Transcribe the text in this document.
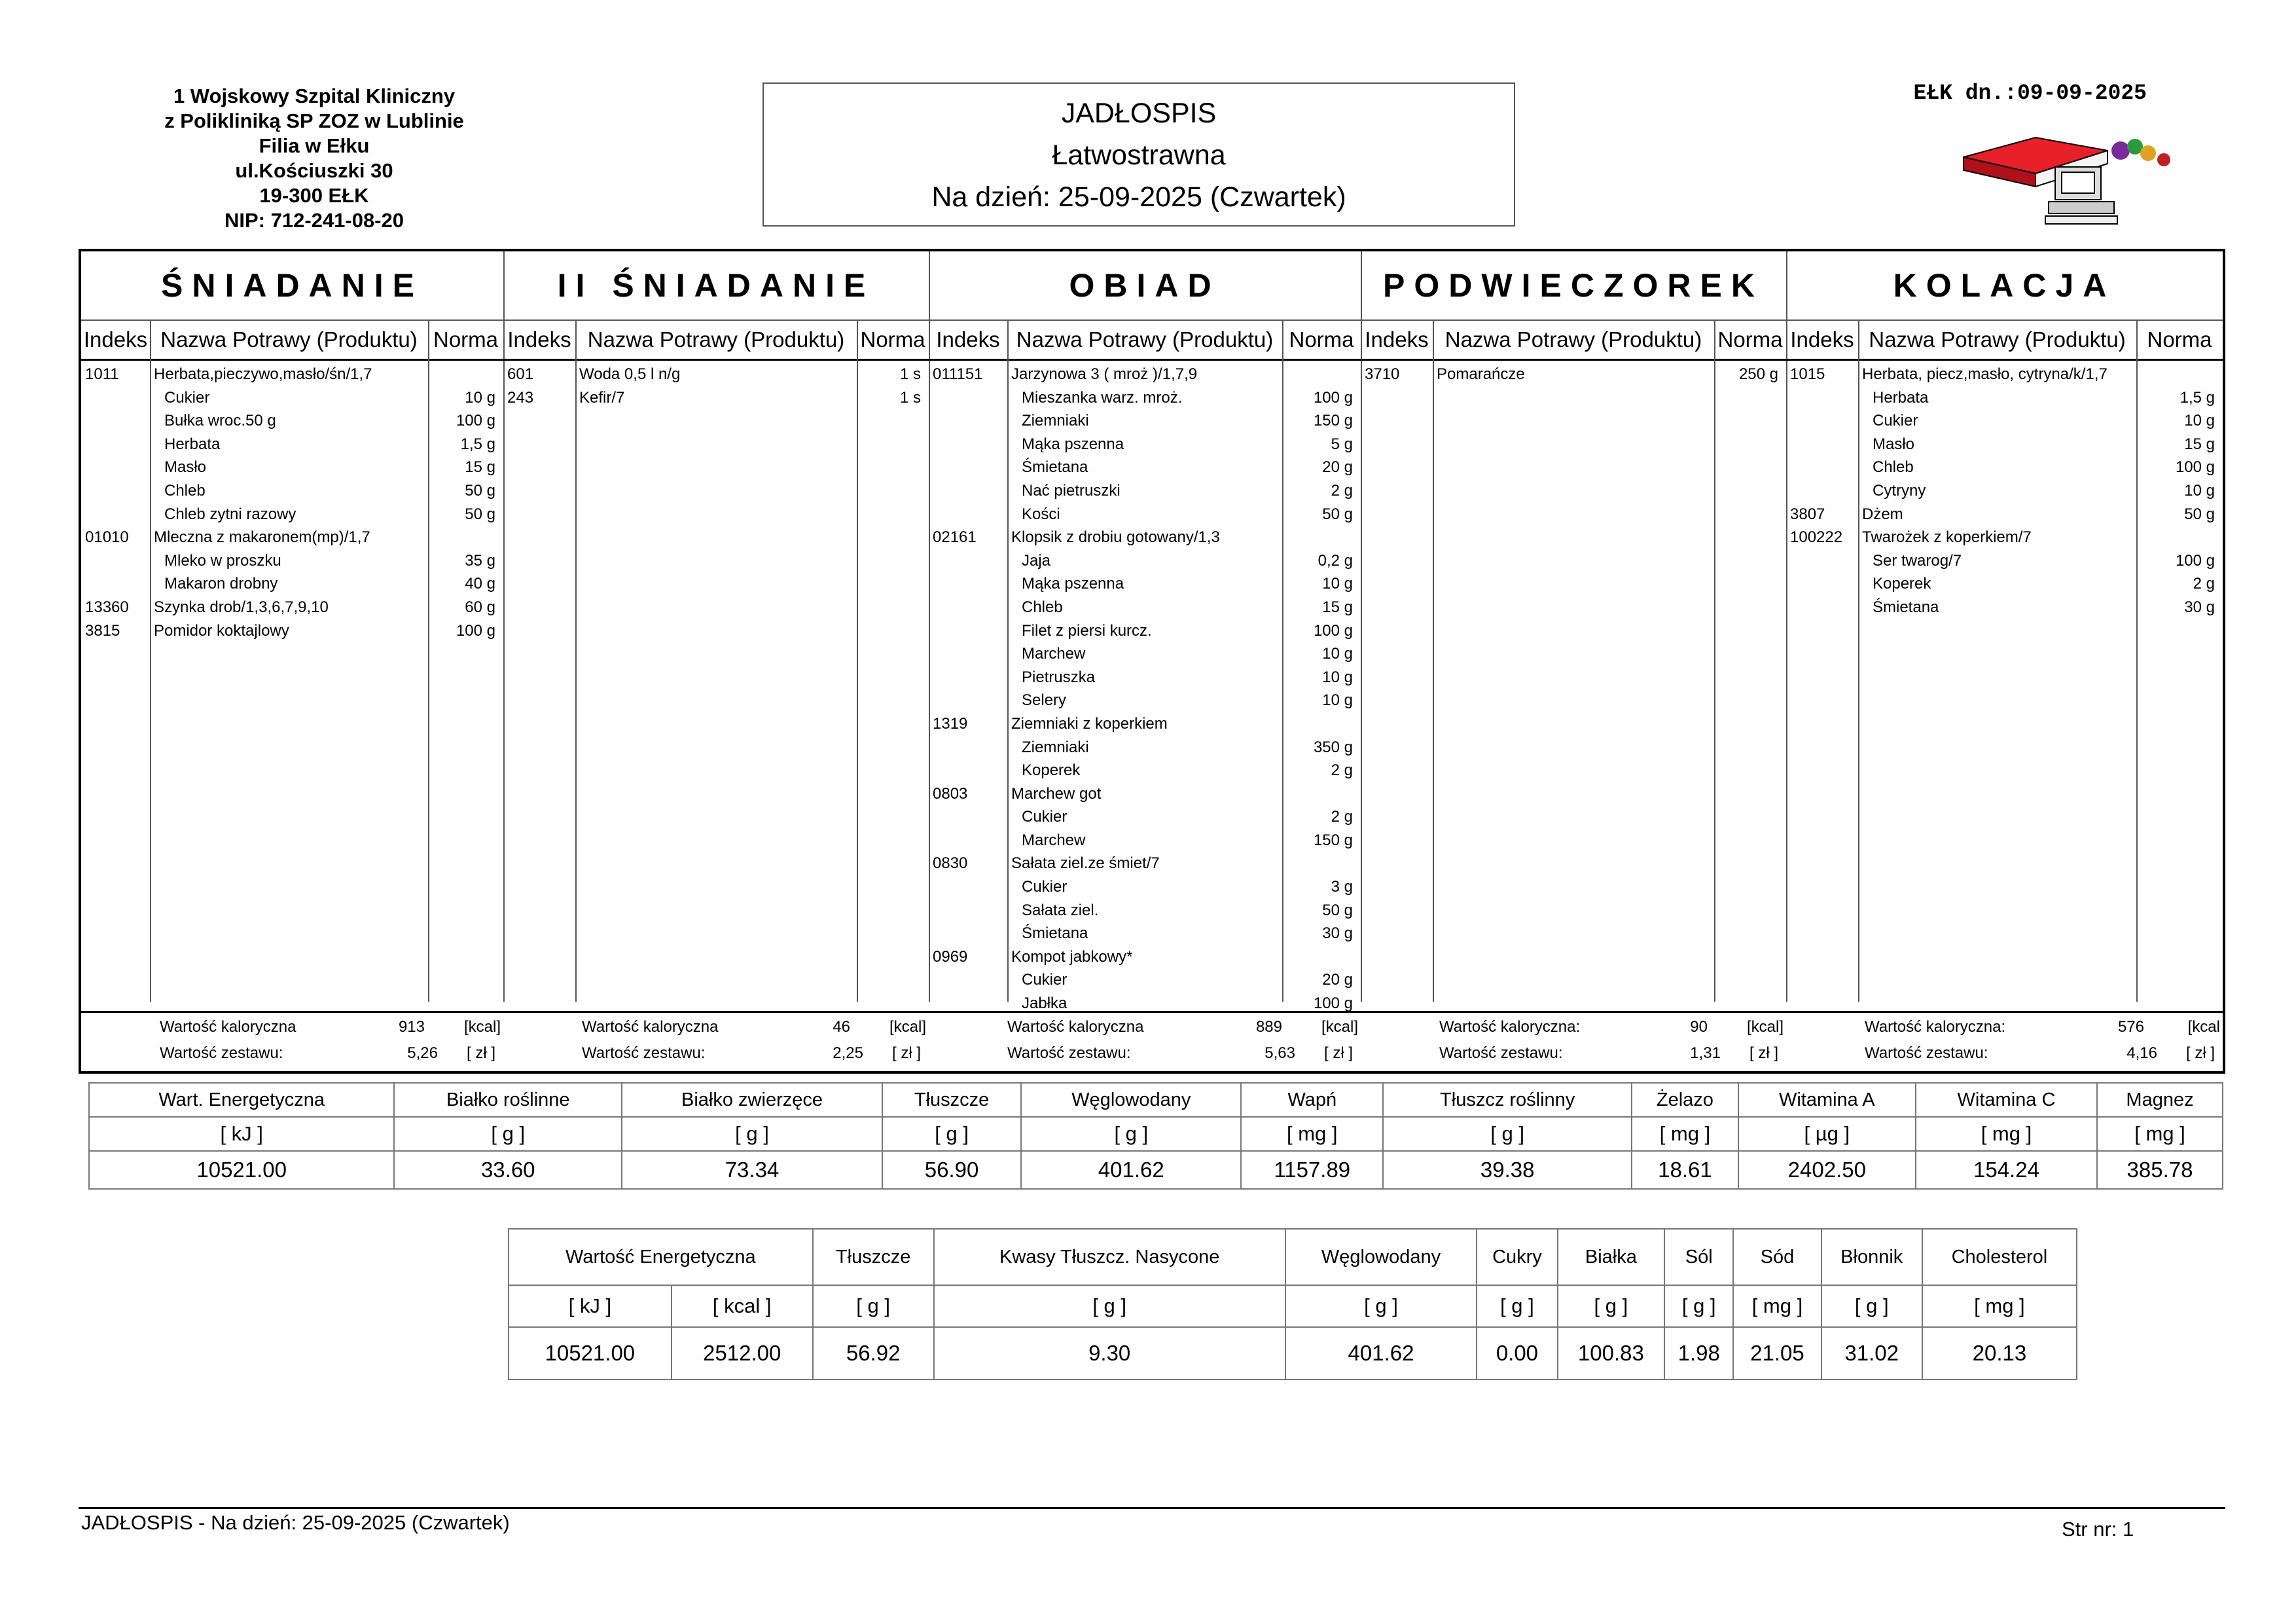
1 Wojskowy Szpital Kliniczny
z Polikliniką SP ZOZ w Lublinie
Filia w Ełku
ul.Kościuszki 30
19-300 EŁK
NIP: 712-241-08-20
JADŁOSPIS
Łatwostrawna
Na dzień: 25-09-2025 (Czwartek)
EŁK dn.:09-09-2025
ŚNIADANIE
Indeks Nazwa Potrawy (Produktu) Norma
1011 Herbata,pieczywo,masło/śn/1,7
Cukier	10 g
Bułka wroc.50 g	100 g
Herbata	1,5 g
Masło	15 g
Chleb	50 g
Chleb zytni razowy	50 g
01010 Mleczna z makaronem(mp)/1,7
Mleko w proszku	35 g
Makaron drobny	40 g
13360 Szynka drob/1,3,6,7,9,10	60 g
3815 Pomidor koktajlowy	100 g
Wartość kaloryczna	913 [kcal]
Wartość zestawu:	5,26 [ zł ]
II ŚNIADANIE
Indeks Nazwa Potrawy (Produktu) Norma
601	Woda 0,5 l n/g	1 s
243	Kefir/7	1 s
Wartość kaloryczna	46 [kcal]
Wartość zestawu:	2,25 [ zł ]
OBIAD
Indeks Nazwa Potrawy (Produktu) Norma
011151 Jarzynowa 3 ( mroż )/1,7,9
Mieszanka warz. mroż.	100 g
Ziemniaki	150 g
Mąka pszenna	5 g
Śmietana	20 g
Nać pietruszki	2 g
Kości	50 g
02161 Klopsik z drobiu gotowany/1,3
Jaja	0,2 g
Mąka pszenna	10 g
Chleb	15 g
Filet z piersi kurcz.	100 g
Marchew	10 g
Pietruszka	10 g
Selery	10 g
1319	Ziemniaki z koperkiem
Ziemniaki	350 g
Koperek	2 g
0803	Marchew got
Cukier	2 g
Marchew	150 g
0830	Sałata ziel.ze śmiet/7
Cukier	3 g
Sałata ziel.	50 g
Śmietana	30 g
0969	Kompot jabkowy*
Cukier	20 g
Jabłka	100 g
Wartość kaloryczna	889 [kcal]
Wartość zestawu:	5,63 [ zł ]
PODWIECZOREK
Indeks Nazwa Potrawy (Produktu) Norma
3710 Pomarańcze	250 g
Wartość kaloryczna:	90 [kcal]
Wartość zestawu:	1,31 [ zł ]
KOLACJA
Indeks Nazwa Potrawy (Produktu) Norma
1015 Herbata, piecz,masło, cytryna/k/1,7
Herbata	1,5 g
Cukier	10 g
Masło	15 g
Chleb	100 g
Cytryny	10 g
3807 Dżem	50 g
100222 Twarożek z koperkiem/7
Ser twarog/7	100 g
Koperek	2 g
Śmietana	30 g
Wartość kaloryczna:	576	[kcal
Wartość zestawu:	4,16 [ zł ]
Wart. Energetyczna	Białko roślinne	Białko zwierzęce	Tłuszcze	Węglowodany	Wapń	Tłuszcz roślinny	Żelazo	Witamina A	Witamina C	Magnez
[ kJ ]	[ g ]	[ g ]	[ g ]	[ g ]	[ mg ]	[ g ]	[ mg ]	[ µg ]	[ mg ]	[ mg ]
10521.00	33.60	73.34	56.90	401.62	1157.89	39.38	18.61	2402.50	154.24	385.78
Wartość Energetyczna		Tłuszcze	Kwasy Tłuszcz. Nasycone	Węglowodany	Cukry	Białka	Sól	Sód	Błonnik	Cholesterol
[ kJ ]	[ kcal ]	[ g ]	[ g ]	[ g ]	[ g ]	[ g ]	[ g ]	[ mg ]	[ g ]	[ mg ]
10521.00	2512.00	56.92	9.30	401.62	0.00	100.83	1.98	21.05	31.02	20.13
JADŁOSPIS - Na dzień: 25-09-2025 (Czwartek)	Str nr: 1
